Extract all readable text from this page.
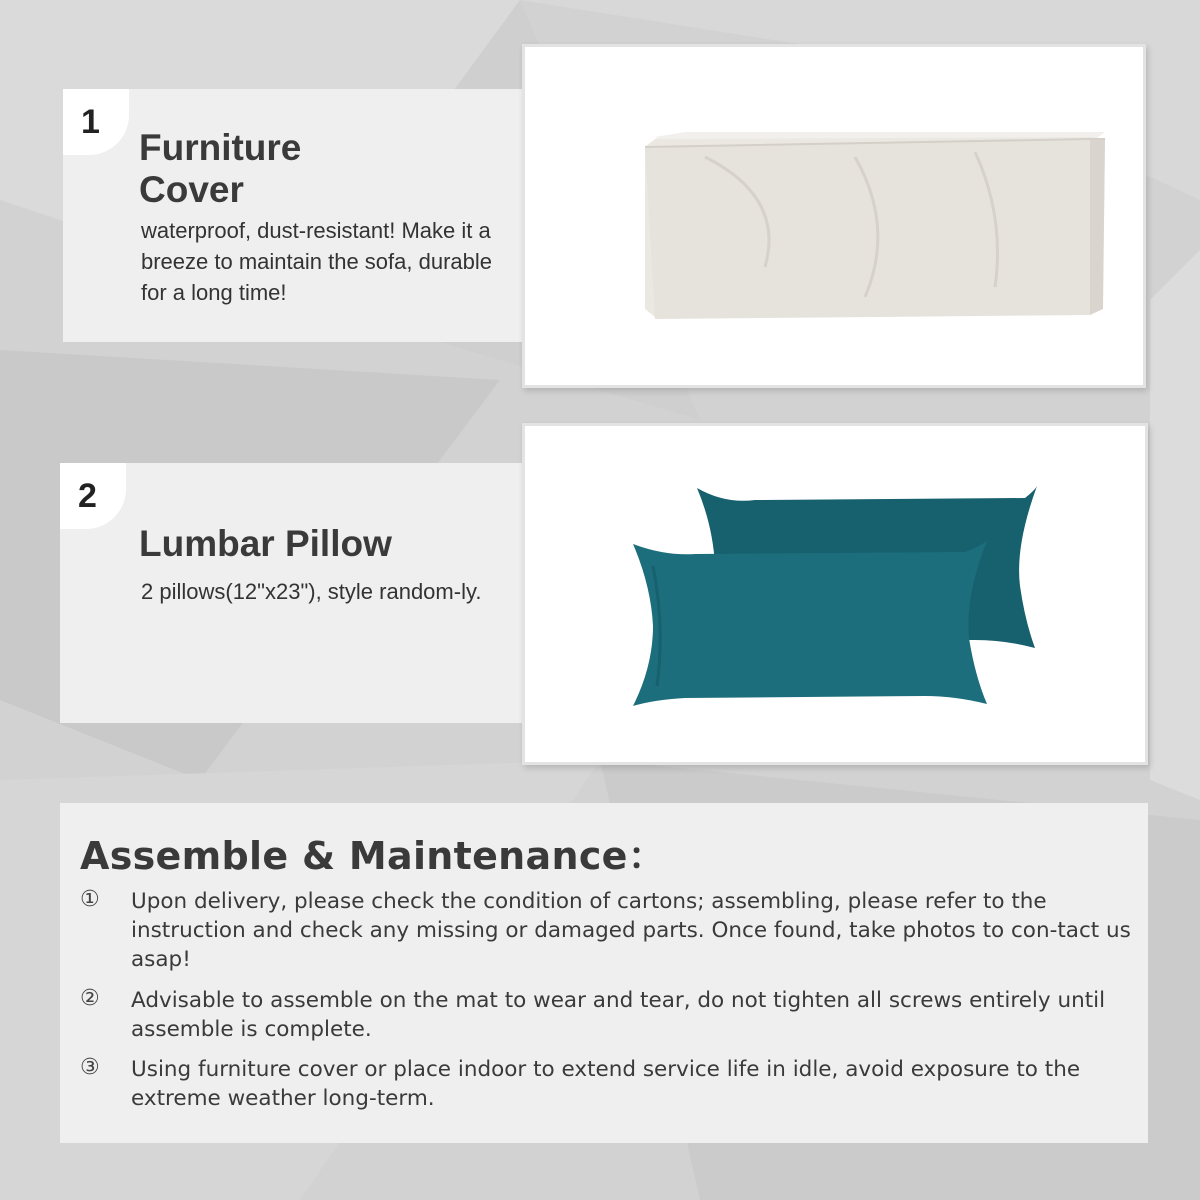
1
Furniture
Cover
waterproof, dust-resistant! Make it a breeze to maintain the sofa, durable for a long time!
2
Lumbar Pillow
2 pillows(12"x23"), style random-ly.
Assemble & Maintenance：
①	Upon delivery, please check the condition of cartons; assembling, please refer to the instruction and check any missing or damaged parts. Once found, take photos to con-tact us asap!
②	Advisable to assemble on the mat to wear and tear, do not tighten all screws entirely until assemble is complete.
③	Using furniture cover or place indoor to extend service life in idle, avoid exposure to the extreme weather long-term.
